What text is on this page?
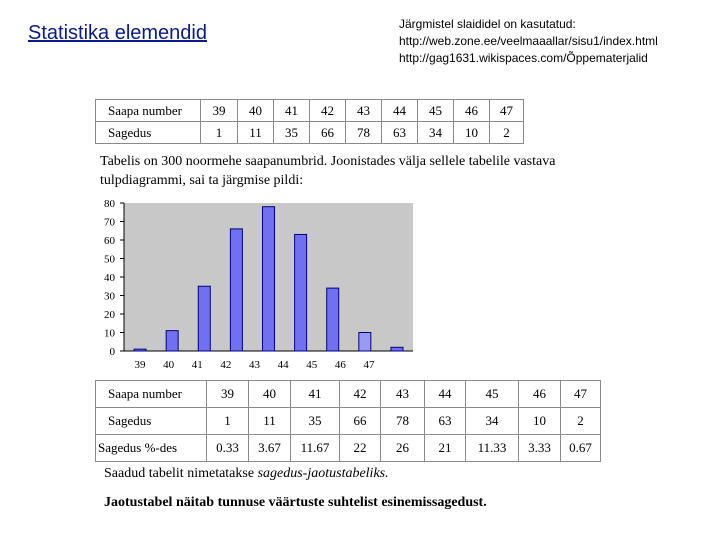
Statistika elemendid	Järgmistel slaididel on kasutatud:
http://web.zone.ee/veelmaaallar/sisu1/index.html
http://gag1631.wikispaces.com/Õppematerjalid
Saapa number	39	40	41	42	43	44	45	46	47
Sagedus	1	11	35	66	78	63	34	10	2
Tabelis on 300 noormehe saapanumbrid. Joonistades välja sellele tabelile vastava tulpdiagrammi, sai ta järgmise pildi:
0
10
20
30
40
50
60
70
80
39 40 41 42 43 44 45 46 47
Saapa number	39	40	41	42	43	44	45	46	47
Sagedus	1	11	35	66	78	63	34	10	2
Sagedus %-des	0.33	3.67	11.67	22	26	21	11.33	3.33	0.67
Saadud tabelit nimetatakse sagedus-jaotustabeliks.
Jaotustabel näitab tunnuse väärtuste suhtelist esinemissagedust.
